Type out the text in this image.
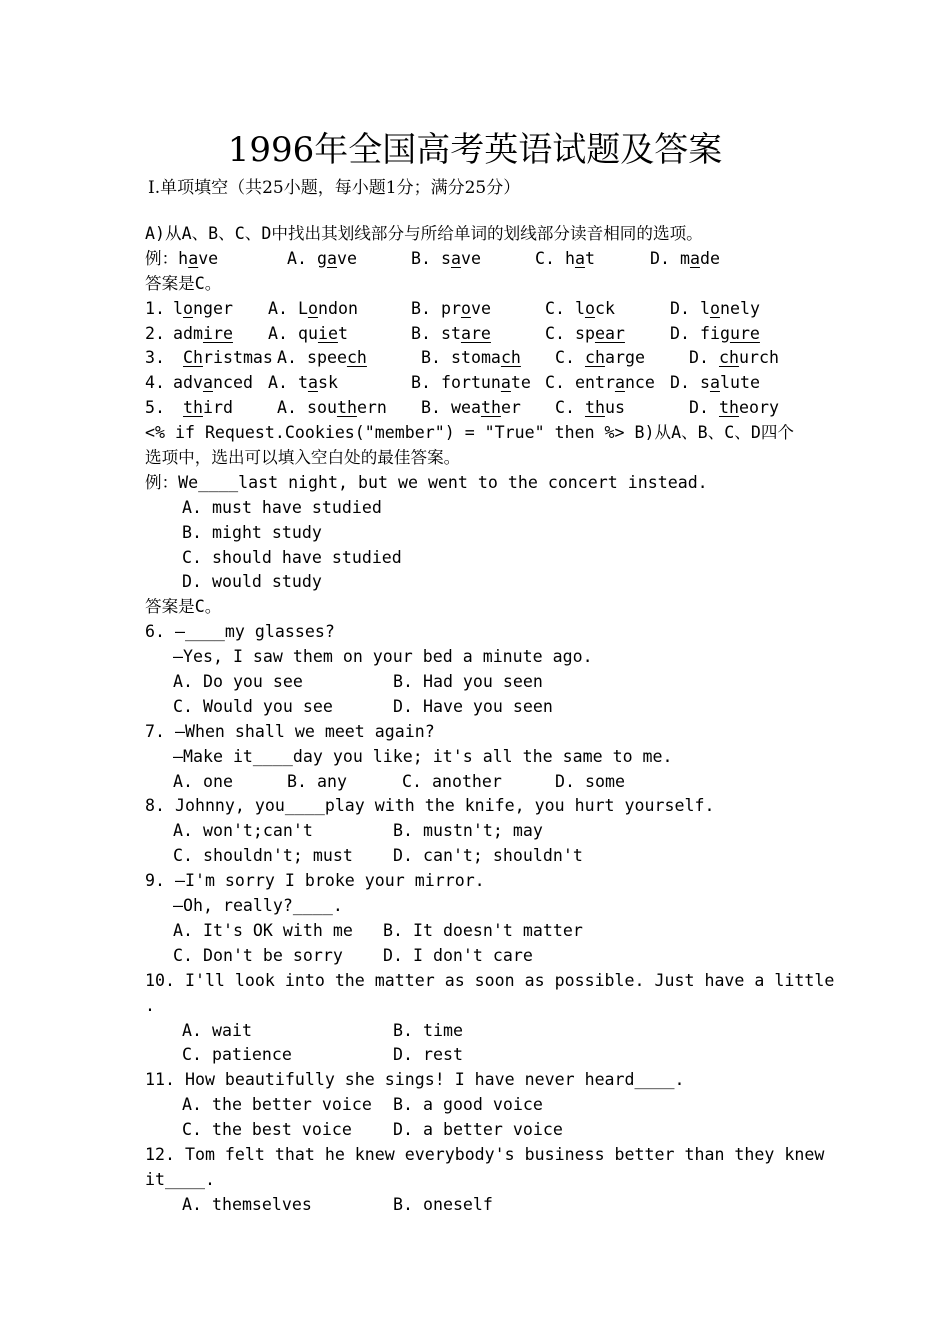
1996年全国高考英语试题及答案
Ⅰ.单项填空（共25小题，每小题1分；满分25分）
A)从A、B、C、D中找出其划线部分与所给单词的划线部分读音相同的选项。
例：have	A. gave	B. save	C. hat	D. made
答案是C。
1. longer	A. London	B. prove	C. lock	D. lonely
2. admire	A. quiet	B. stare	C. spear	D. figure
3.	Christmas A. speech	B. stomach	C. charge	D. church
4. advanced A. task	B. fortunate C. entrance D. salute
5.	third	A. southern	B. weather	C. thus	D. theory
<% if Request.Cookies("member") = "True" then %> B)从A、B、C、D四个
选项中，选出可以填入空白处的最佳答案。
例：We____last night, but we went to the concert instead.
A. must have studied
B. might study
C. should have studied
D. would study
答案是C。
6. —____my glasses?
—Yes, I saw them on your bed a minute ago.
A. Do you see	B. Had you seen
C. Would you see	D. Have you seen
7. —When shall we meet again?
—Make it____day you like; it's all the same to me.
A. one	B. any	C. another	D. some
8. Johnny, you____play with the knife, you hurt yourself.
A. won't;can't	B. mustn't; may
C. shouldn't; must	D. can't; shouldn't
9. —I'm sorry I broke your mirror.
—Oh, really?____.
A. It's OK with me	B. It doesn't matter
C. Don't be sorry	D. I don't care
10. I'll look into the matter as soon as possible. Just have a little
.
A. wait	B. time
C. patience	D. rest
11. How beautifully she sings! I have never heard____.
A. the better voice	B. a good voice
C. the best voice	D. a better voice
12. Tom felt that he knew everybody's business better than they knew
it____.
A. themselves	B. oneself
